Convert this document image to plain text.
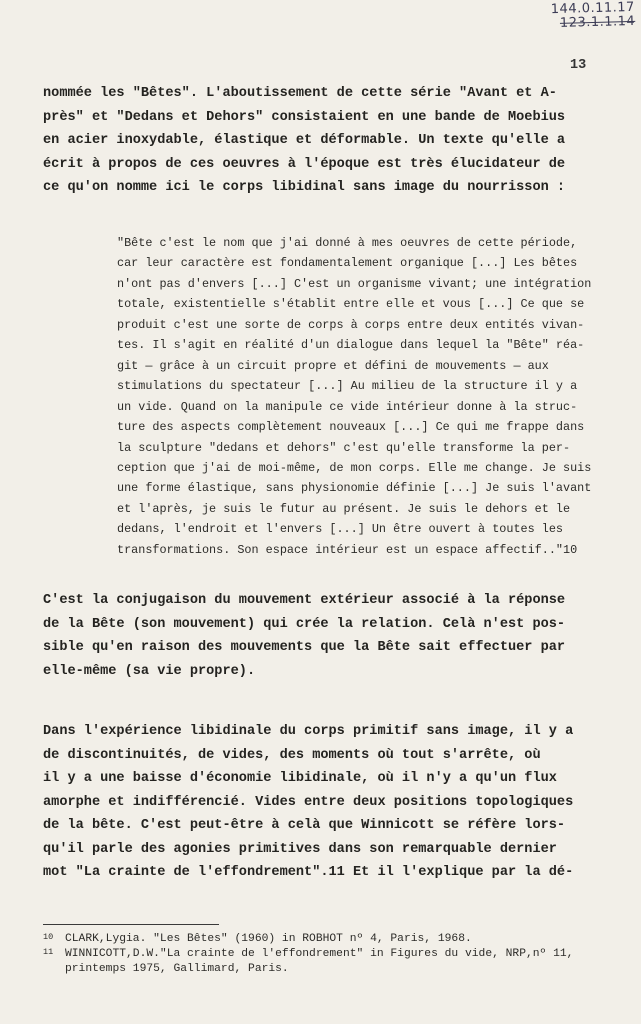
144.0.11.17
123.1.1.14
13
nommée les "Bêtes". L'aboutissement de cette série "Avant et A-
près" et "Dedans et Dehors" consistaient en une bande de Moebius
en acier inoxydable, élastique et déformable. Un texte qu'elle a
écrit à propos de ces oeuvres à l'époque est très élucidateur de
ce qu'on nomme ici le corps libidinal sans image du nourrisson :
"Bête c'est le nom que j'ai donné à mes oeuvres de cette période,
car leur caractère est fondamentalement organique [...] Les bêtes
n'ont pas d'envers [...] C'est un organisme vivant; une intégration
totale, existentielle s'établit entre elle et vous [...] Ce que se
produit c'est une sorte de corps à corps entre deux entités vivan-
tes. Il s'agit en réalité d'un dialogue dans lequel la "Bête" réa-
git — grâce à un circuit propre et défini de mouvements — aux
stimulations du spectateur [...] Au milieu de la structure il y a
un vide. Quand on la manipule ce vide intérieur donne à la struc-
ture des aspects complètement nouveaux [...] Ce qui me frappe dans
la sculpture "dedans et dehors" c'est qu'elle transforme la per-
ception que j'ai de moi-même, de mon corps. Elle me change. Je suis
une forme élastique, sans physionomie définie [...] Je suis l'avant
et l'après, je suis le futur au présent. Je suis le dehors et le
dedans, l'endroit et l'envers [...] Un être ouvert à toutes les
transformations. Son espace intérieur est un espace affectif.."10
C'est la conjugaison du mouvement extérieur associé à la réponse
de la Bête (son mouvement) qui crée la relation. Celà n'est pos-
sible qu'en raison des mouvements que la Bête sait effectuer par
elle-même (sa vie propre).
Dans l'expérience libidinale du corps primitif sans image, il y a
de discontinuités, de vides, des moments où tout s'arrête, où
il y a une baisse d'économie libidinale, où il n'y a qu'un flux
amorphe et indifférencié. Vides entre deux positions topologiques
de la bête. C'est peut-être à celà que Winnicott se réfère lors-
qu'il parle des agonies primitives dans son remarquable dernier
mot "La crainte de l'effondrement".11 Et il l'explique par la dé-
10	CLARK,Lygia. "Les Bêtes" (1960) in ROBHOT nº 4, Paris, 1968.
11	WINNICOTT,D.W."La crainte de l'effondrement" in Figures du vide, NRP,nº 11,
printemps 1975, Gallimard, Paris.
